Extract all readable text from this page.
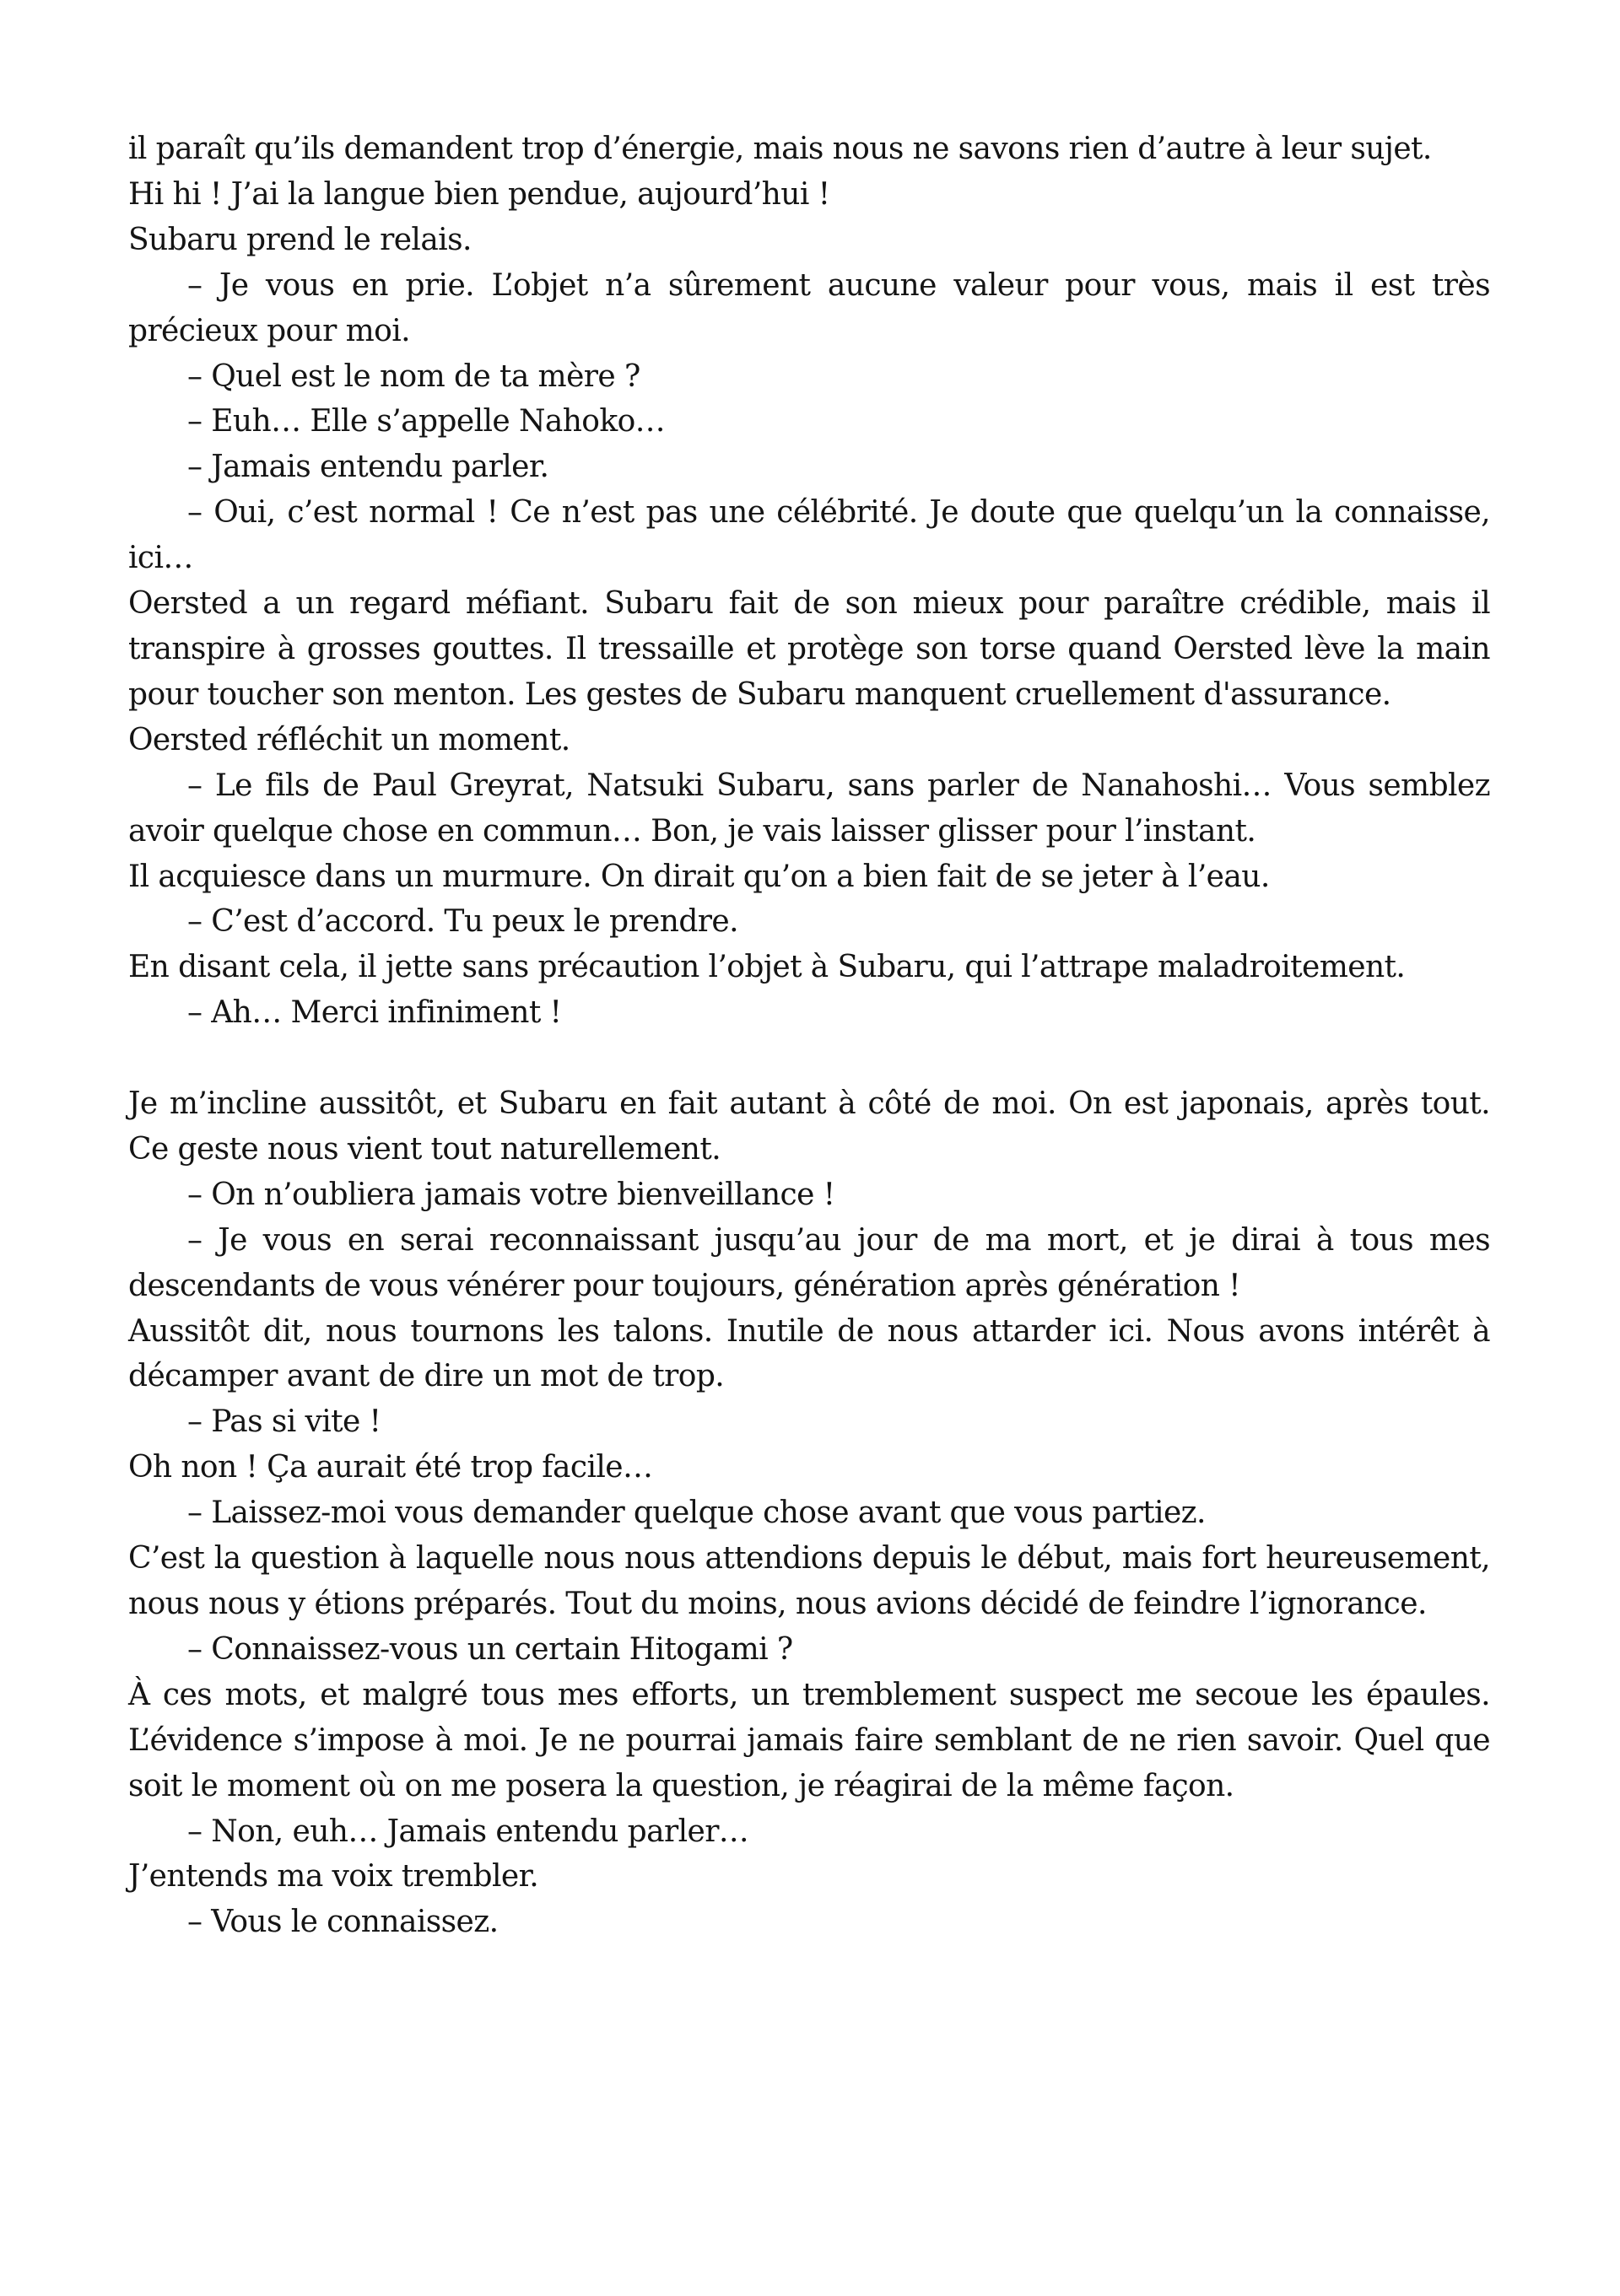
il paraît qu’ils demandent trop d’énergie, mais nous ne savons rien d’autre à leur sujet.

Hi hi ! J’ai la langue bien pendue, aujourd’hui !

Subaru prend le relais.

– Je vous en prie. L’objet n’a sûrement aucune valeur pour vous, mais il est très précieux pour moi.

– Quel est le nom de ta mère ?

– Euh… Elle s’appelle Nahoko…

– Jamais entendu parler.

– Oui, c’est normal ! Ce n’est pas une célébrité. Je doute que quelqu’un la connaisse, ici…

Oersted a un regard méfiant. Subaru fait de son mieux pour paraître crédible, mais il transpire à grosses gouttes. Il tressaille et protège son torse quand Oersted lève la main pour toucher son menton. Les gestes de Subaru manquent cruellement d'assurance.

Oersted réfléchit un moment.

– Le fils de Paul Greyrat, Natsuki Subaru, sans parler de Nanahoshi… Vous semblez avoir quelque chose en commun… Bon, je vais laisser glisser pour l’instant.

Il acquiesce dans un murmure. On dirait qu’on a bien fait de se jeter à l’eau.

– C’est d’accord. Tu peux le prendre.

En disant cela, il jette sans précaution l’objet à Subaru, qui l’attrape maladroitement.

– Ah… Merci infiniment !

Je m’incline aussitôt, et Subaru en fait autant à côté de moi. On est japonais, après tout. Ce geste nous vient tout naturellement.

– On n’oubliera jamais votre bienveillance !

– Je vous en serai reconnaissant jusqu’au jour de ma mort, et je dirai à tous mes descendants de vous vénérer pour toujours, génération après génération !

Aussitôt dit, nous tournons les talons. Inutile de nous attarder ici. Nous avons intérêt à décamper avant de dire un mot de trop.

– Pas si vite !

Oh non ! Ça aurait été trop facile…

– Laissez-moi vous demander quelque chose avant que vous partiez.

C’est la question à laquelle nous nous attendions depuis le début, mais fort heureusement, nous nous y étions préparés. Tout du moins, nous avions décidé de feindre l’ignorance.

– Connaissez-vous un certain Hitogami ?

À ces mots, et malgré tous mes efforts, un tremblement suspect me secoue les épaules. L’évidence s’impose à moi. Je ne pourrai jamais faire semblant de ne rien savoir. Quel que soit le moment où on me posera la question, je réagirai de la même façon.

– Non, euh… Jamais entendu parler…

J’entends ma voix trembler.

– Vous le connaissez.
